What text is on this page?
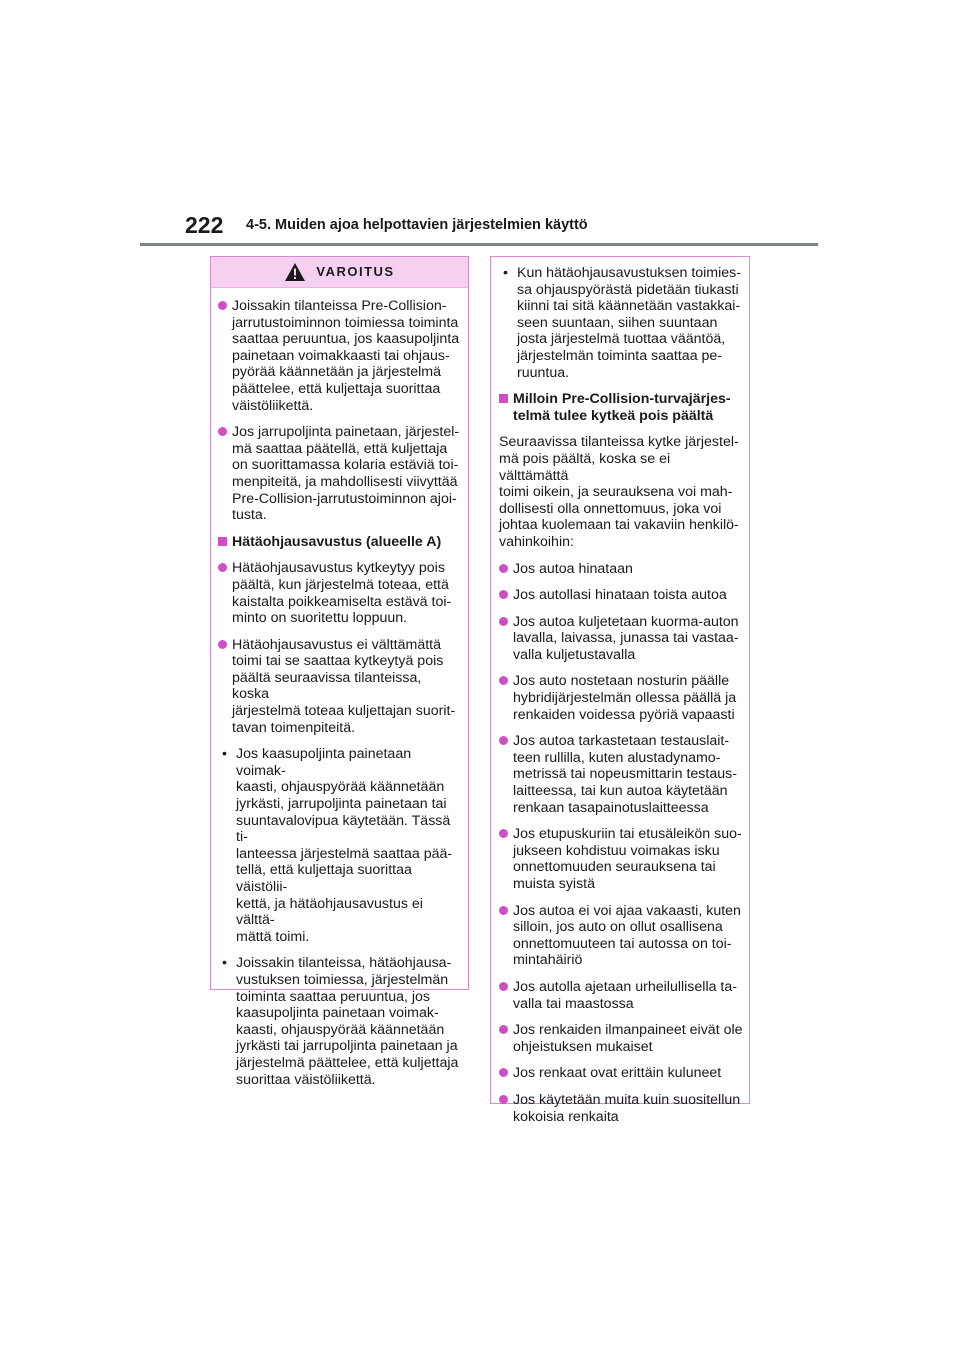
222 4-5. Muiden ajoa helpottavien järjestelmien käyttö
VAROITUS
Joissakin tilanteissa Pre-Collision-
jarrutustoiminnon toimiessa toiminta
saattaa peruuntua, jos kaasupoljinta
painetaan voimakkaasti tai ohjaus-
pyörää käännetään ja järjestelmä
päättelee, että kuljettaja suorittaa
väistöliikettä.
Jos jarrupoljinta painetaan, järjestel-
mä saattaa päätellä, että kuljettaja
on suorittamassa kolaria estäviä toi-
menpiteitä, ja mahdollisesti viivyttää
Pre-Collision-jarrutustoiminnon ajoi-
tusta.
Hätäohjausavustus (alueelle A)
Hätäohjausavustus kytkeytyy pois
päältä, kun järjestelmä toteaa, että
kaistalta poikkeamiselta estävä toi-
minto on suoritettu loppuun.
Hätäohjausavustus ei välttämättä
toimi tai se saattaa kytkeytyä pois
päältä seuraavissa tilanteissa, koska
järjestelmä toteaa kuljettajan suorit-
tavan toimenpiteitä.
• Jos kaasupoljinta painetaan voimak-
kaasti, ohjauspyörää käännetään
jyrkästi, jarrupoljinta painetaan tai
suuntavalovipua käytetään. Tässä ti-
lanteessa järjestelmä saattaa pää-
tellä, että kuljettaja suorittaa väistölii-
kettä, ja hätäohjausavustus ei välttä-
mättä toimi.
• Joissakin tilanteissa, hätäohjausa-
vustuksen toimiessa, järjestelmän
toiminta saattaa peruuntua, jos
kaasupoljinta painetaan voimak-
kaasti, ohjauspyörää käännetään
jyrkästi tai jarrupoljinta painetaan ja
järjestelmä päättelee, että kuljettaja
suorittaa väistöliikettä.
• Kun hätäohjausavustuksen toimies-
sa ohjauspyörästä pidetään tiukasti
kiinni tai sitä käännetään vastakkai-
seen suuntaan, siihen suuntaan
josta järjestelmä tuottaa vääntöä,
järjestelmän toiminta saattaa pe-
ruuntua.
Milloin Pre-Collision-turvajärjes-
telmä tulee kytkeä pois päältä
Seuraavissa tilanteissa kytke järjestel-
mä pois päältä, koska se ei välttämättä
toimi oikein, ja seurauksena voi mah-
dollisesti olla onnettomuus, joka voi
johtaa kuolemaan tai vakaviin henkilö-
vahinkoihin:
Jos autoa hinataan
Jos autollasi hinataan toista autoa
Jos autoa kuljetetaan kuorma-auton
lavalla, laivassa, junassa tai vastaa-
valla kuljetustavalla
Jos auto nostetaan nosturin päälle
hybridijärjestelmän ollessa päällä ja
renkaiden voidessa pyöriä vapaasti
Jos autoa tarkastetaan testauslait-
teen rullilla, kuten alustadynamo-
metrissä tai nopeusmittarin testaus-
laitteessa, tai kun autoa käytetään
renkaan tasapainotuslaitteessa
Jos etupuskuriin tai etusäleikön suo-
jukseen kohdistuu voimakas isku
onnettomuuden seurauksena tai
muista syistä
Jos autoa ei voi ajaa vakaasti, kuten
silloin, jos auto on ollut osallisena
onnettomuuteen tai autossa on toi-
mintahäiriö
Jos autolla ajetaan urheilullisella ta-
valla tai maastossa
Jos renkaiden ilmanpaineet eivät ole
ohjeistuksen mukaiset
Jos renkaat ovat erittäin kuluneet
Jos käytetään muita kuin suositellun
kokoisia renkaita
